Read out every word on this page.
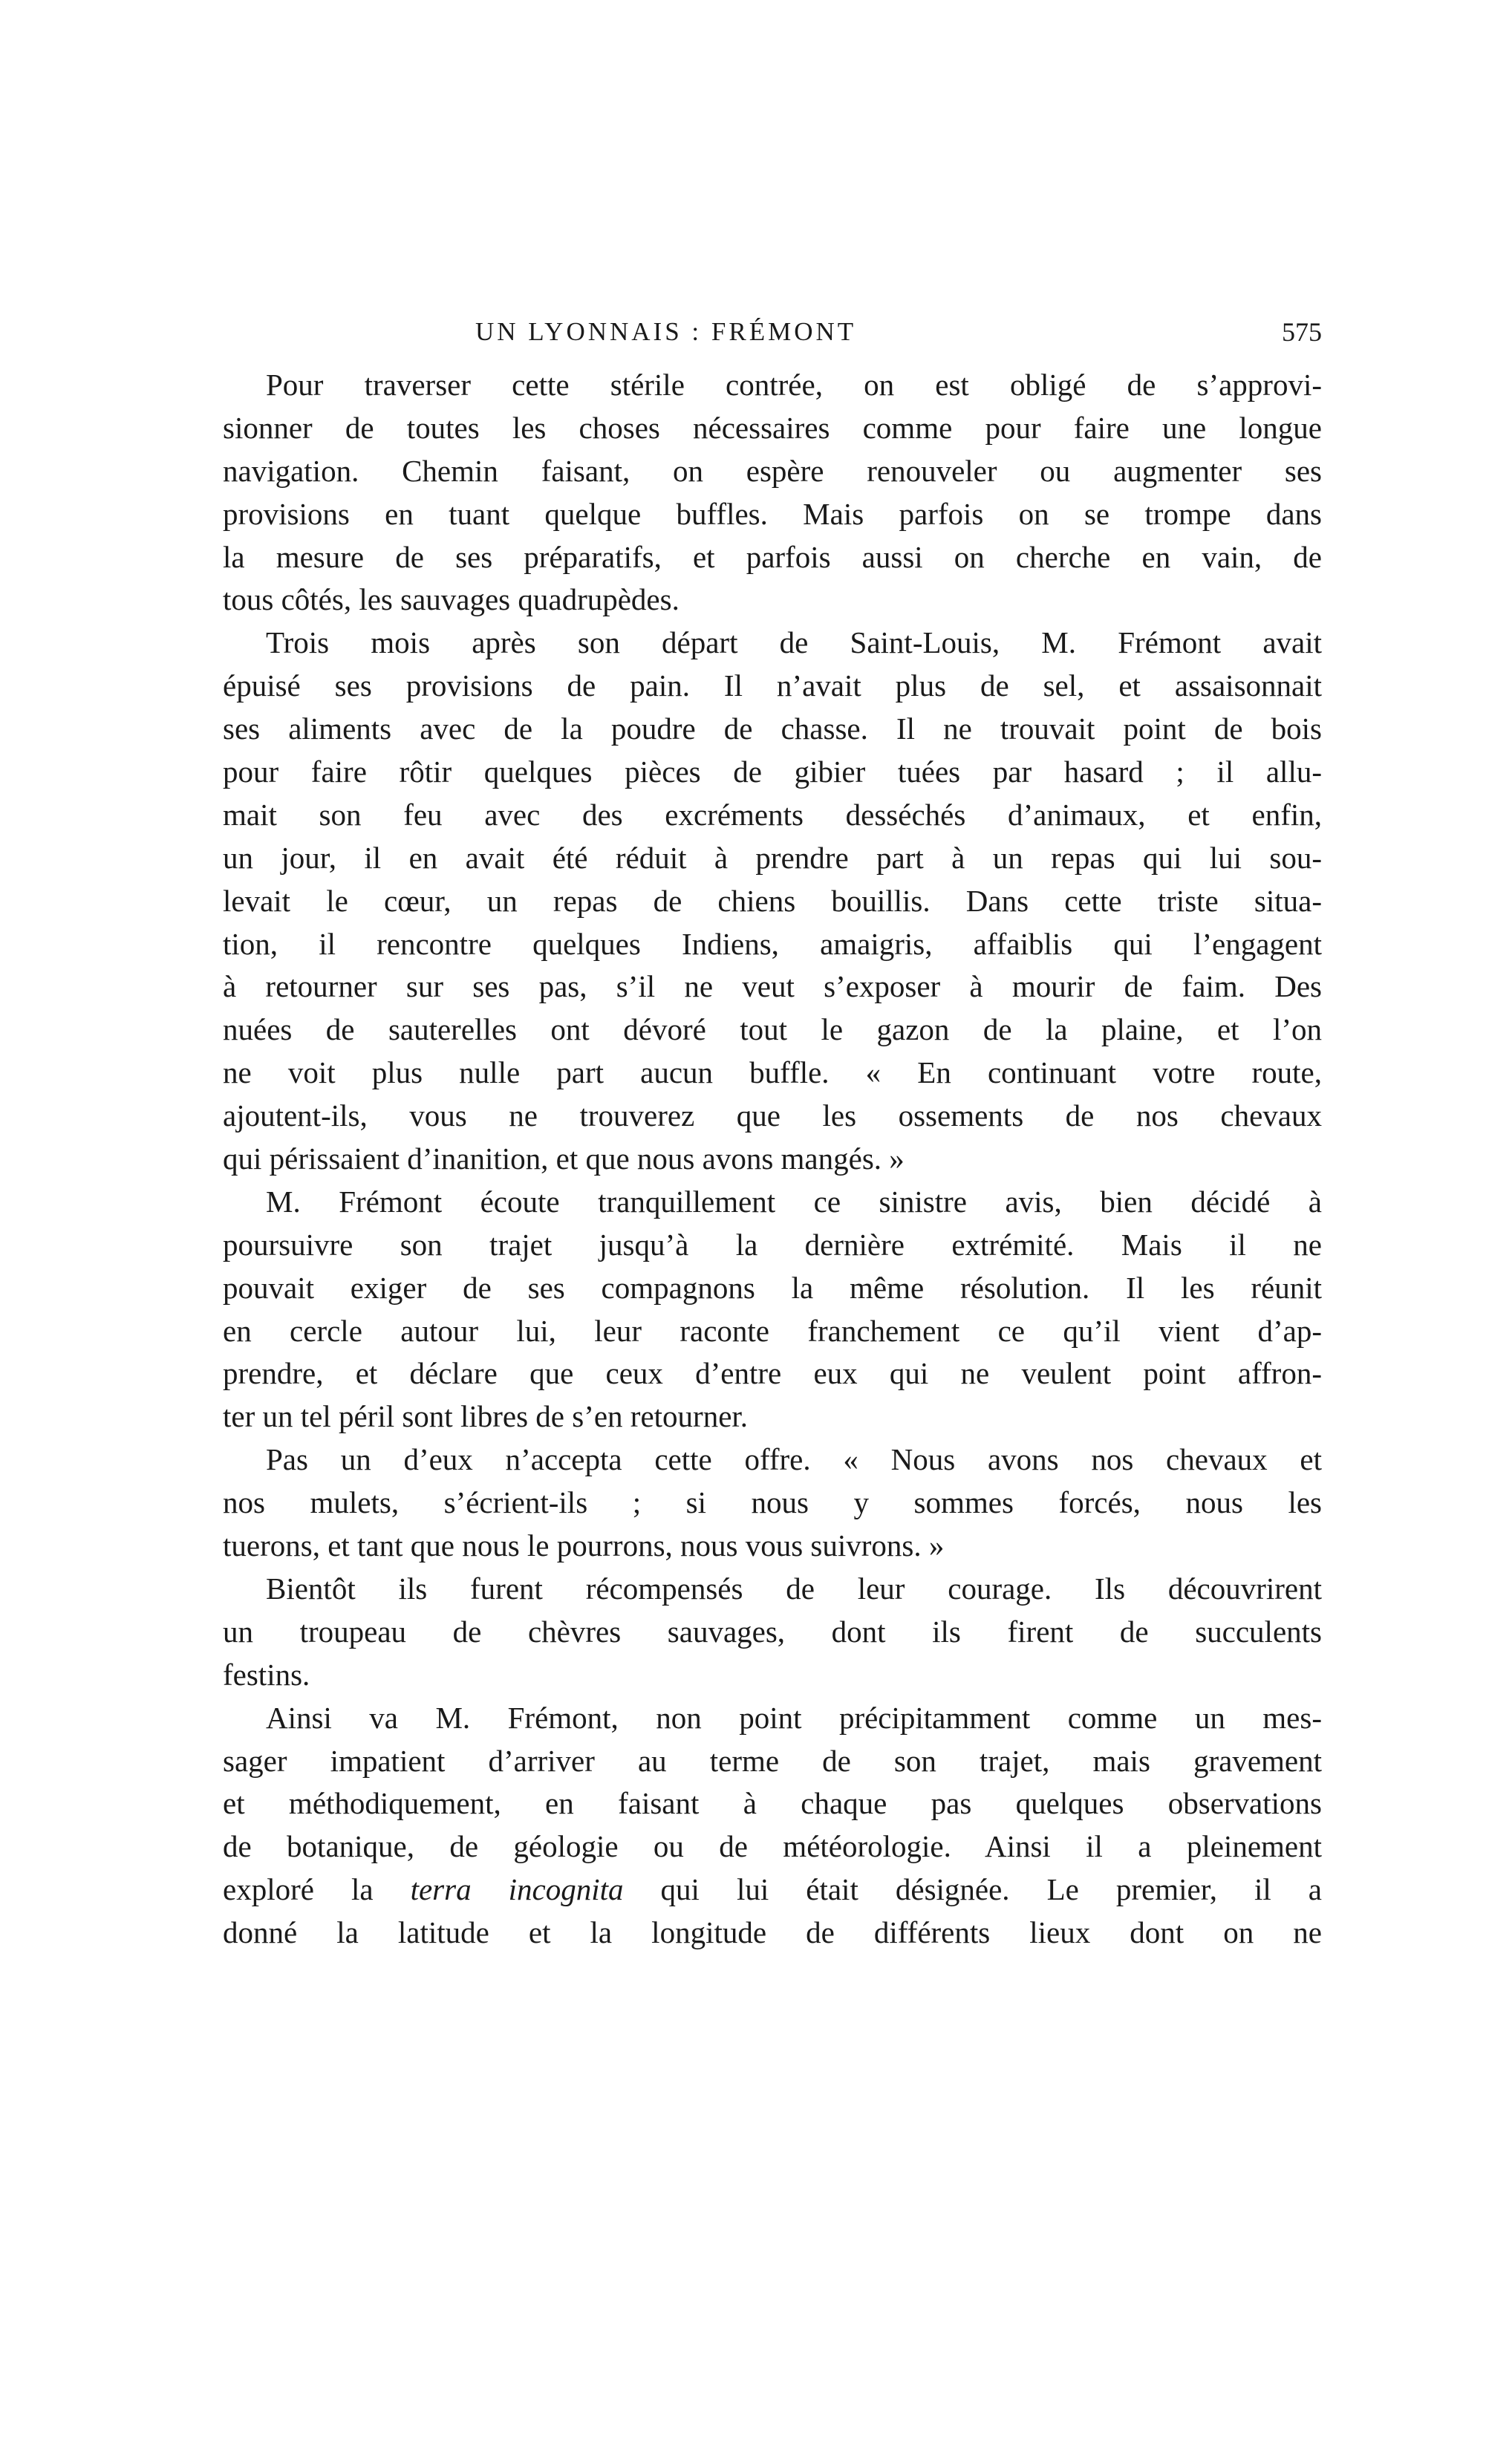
UN LYONNAIS : FRÉMONT	575

Pour traverser cette stérile contrée, on est obligé de s’approvi-
sionner de toutes les choses nécessaires comme pour faire une longue
navigation. Chemin faisant, on espère renouveler ou augmenter ses
provisions en tuant quelque buffles. Mais parfois on se trompe dans
la mesure de ses préparatifs, et parfois aussi on cherche en vain, de
tous côtés, les sauvages quadrupèdes.

Trois mois après son départ de Saint-Louis, M. Frémont avait
épuisé ses provisions de pain. Il n’avait plus de sel, et assaisonnait
ses aliments avec de la poudre de chasse. Il ne trouvait point de bois
pour faire rôtir quelques pièces de gibier tuées par hasard ; il allu-
mait son feu avec des excréments desséchés d’animaux, et enfin,
un jour, il en avait été réduit à prendre part à un repas qui lui sou-
levait le cœur, un repas de chiens bouillis. Dans cette triste situa-
tion, il rencontre quelques Indiens, amaigris, affaiblis qui l’engagent
à retourner sur ses pas, s’il ne veut s’exposer à mourir de faim. Des
nuées de sauterelles ont dévoré tout le gazon de la plaine, et l’on
ne voit plus nulle part aucun buffle. « En continuant votre route,
ajoutent-ils, vous ne trouverez que les ossements de nos chevaux
qui périssaient d’inanition, et que nous avons mangés. »

M. Frémont écoute tranquillement ce sinistre avis, bien décidé à
poursuivre son trajet jusqu’à la dernière extrémité. Mais il ne
pouvait exiger de ses compagnons la même résolution. Il les réunit
en cercle autour lui, leur raconte franchement ce qu’il vient d’ap-
prendre, et déclare que ceux d’entre eux qui ne veulent point affron-
ter un tel péril sont libres de s’en retourner.

Pas un d’eux n’accepta cette offre. « Nous avons nos chevaux et
nos mulets, s’écrient-ils ; si nous y sommes forcés, nous les
tuerons, et tant que nous le pourrons, nous vous suivrons. »

Bientôt ils furent récompensés de leur courage. Ils découvrirent
un troupeau de chèvres sauvages, dont ils firent de succulents
festins.

Ainsi va M. Frémont, non point précipitamment comme un mes-
sager impatient d’arriver au terme de son trajet, mais gravement
et méthodiquement, en faisant à chaque pas quelques observations
de botanique, de géologie ou de météorologie. Ainsi il a pleinement
exploré la terra incognita qui lui était désignée. Le premier, il a
donné la latitude et la longitude de différents lieux dont on ne
